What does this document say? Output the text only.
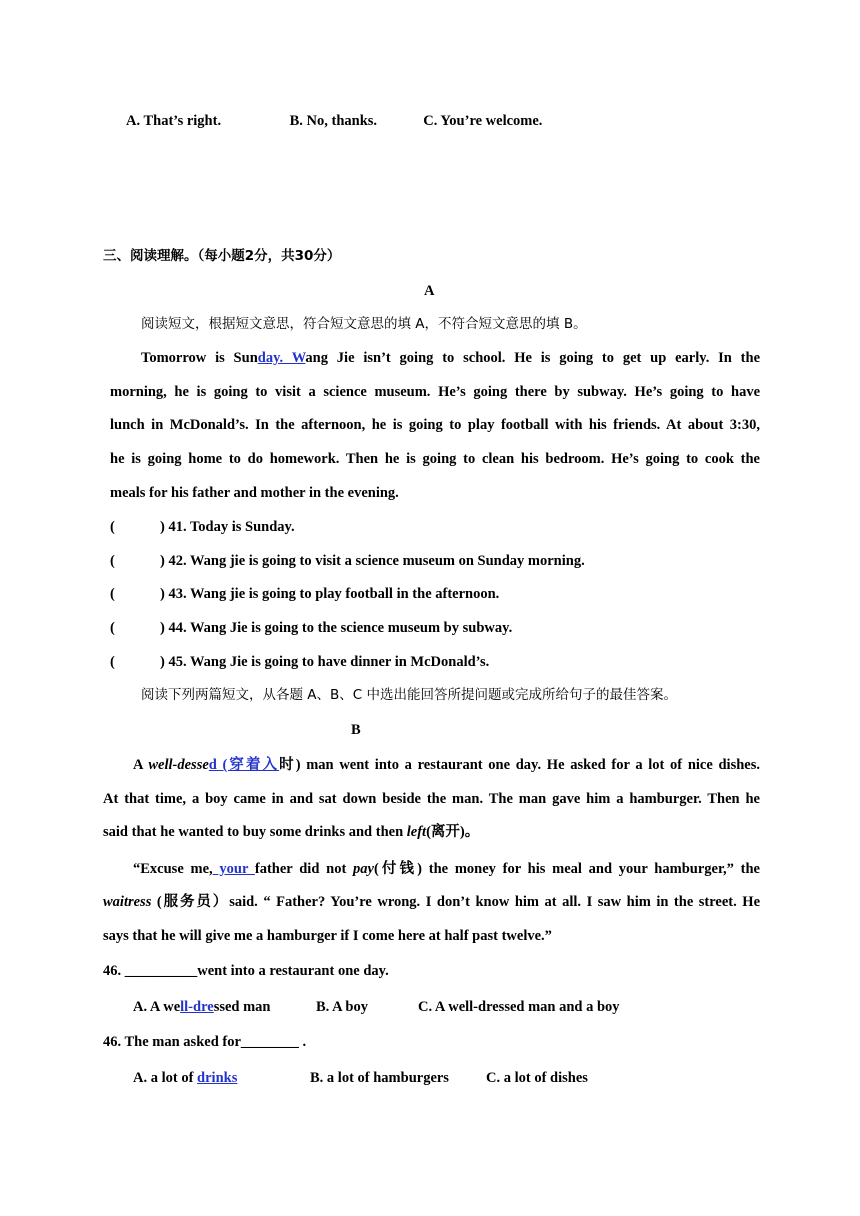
A. That’s right.	B. No, thanks.	C. You’re welcome.
三、阅读理解。（每小题2分，共30分）
A
阅读短文，根据短文意思，符合短文意思的填 A，不符合短文意思的填 B。
Tomorrow is Sunday. Wang Jie isn’t going to school. He is going to get up early. In the
morning, he is going to visit a science museum. He’s going there by subway. He’s going to have
lunch in McDonald’s. In the afternoon, he is going to play football with his friends. At about 3:30,
he is going home to do homework. Then he is going to clean his bedroom. He’s going to cook the
meals for his father and mother in the evening.
(	) 41. Today is Sunday.
(	) 42. Wang jie is going to visit a science museum on Sunday morning.
(	) 43. Wang jie is going to play football in the afternoon.
(	) 44. Wang Jie is going to the science museum by subway.
(	) 45. Wang Jie is going to have dinner in McDonald’s.
阅读下列两篇短文，从各题 A、B、C 中选出能回答所提问题或完成所给句子的最佳答案。
B
A well-dessed (穿着入时) man went into a restaurant one day. He asked for a lot of nice dishes.
At that time, a boy came in and sat down beside the man. The man gave him a hamburger. Then he
said that he wanted to buy some drinks and then left(离开)。
“Excuse me, your father did not pay(付钱) the money for his meal and your hamburger,” the
waitress (服务员）said. “ Father? You’re wrong. I don’t know him at all. I saw him in the street. He
says that he will give me a hamburger if I come here at half past twelve.”
46. __________went into a restaurant one day.
A. A well-dressed man	B. A boy	C. A well-dressed man and a boy
46. The man asked for________ .
A. a lot of drinks	B. a lot of hamburgers	C. a lot of dishes
